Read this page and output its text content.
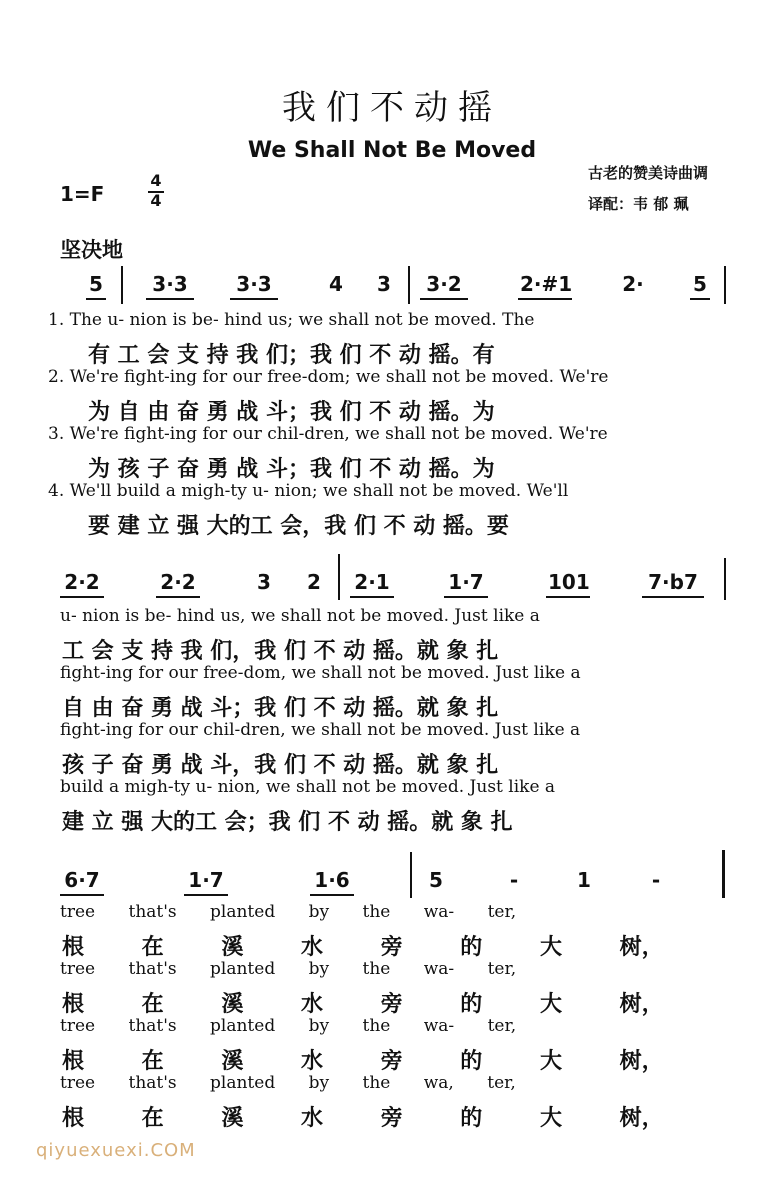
我们不动摇
We Shall Not Be Moved
1=F
4
4
古老的赞美诗曲调
译配：韦 郁 珮
坚决地
5 3·3 3·3	4 3 3·2	2·#1	2· 5
1. The u- nion is be- hind us; we shall not be moved. The
有 工 会 支 持 我 们；我 们 不 动 摇。有
2. We're fight-ing for our free-dom; we shall not be moved. We're
为 自 由 奋 勇 战 斗；我 们 不 动 摇。为
3. We're fight-ing for our chil-dren, we shall not be moved. We're
为 孩 子 奋 勇 战 斗；我 们 不 动 摇。为
4. We'll build a migh-ty u- nion; we shall not be moved. We'll
要 建 立 强 大的工 会，我 们 不 动 摇。要
2·2	2·2	3 2 2·1	1·7	101	7·b7
u- nion is be- hind us, we shall not be moved. Just like a
工 会 支 持 我 们，我 们 不 动 摇。就 象 扎
fight-ing for our free-dom, we shall not be moved. Just like a
自 由 奋 勇 战 斗；我 们 不 动 摇。就 象 扎
fight-ing for our chil-dren, we shall not be moved. Just like a
孩 子 奋 勇 战 斗，我 们 不 动 摇。就 象 扎
build a migh-ty u- nion, we shall not be moved. Just like a
建 立 强 大的工 会；我 们 不 动 摇。就 象 扎
6·7	1·7	1·6	5	-	1	-
tree that's planted by the wa- ter,
根 在 溪 水 旁 的 大 树，
tree that's planted by the wa- ter,
根 在 溪 水 旁 的 大 树，
tree that's planted by the wa- ter,
根 在 溪 水 旁 的 大 树，
tree that's planted by the wa, ter,
根 在 溪 水 旁 的 大 树，
qiyuexuexi.COM
